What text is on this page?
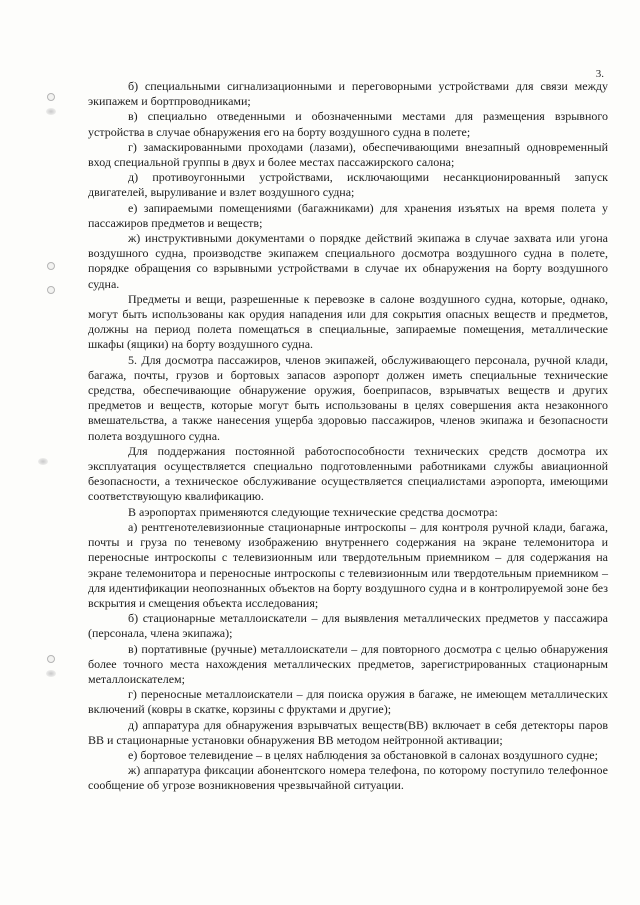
3.

б) специальными сигнализационными и переговорными устройствами для связи между экипажем и бортпроводниками;

в) специально отведенными и обозначенными местами для размещения взрывного устройства в случае обнаружения его на борту воздушного судна в полете;

г) замаскированными проходами (лазами), обеспечивающими внезапный одновременный вход специальной группы в двух и более местах пассажирского салона;

д) противоугонными устройствами, исключающими несанкционированный запуск двигателей, выруливание и взлет воздушного судна;

е) запираемыми помещениями (багажниками) для хранения изъятых на время полета у пассажиров предметов и веществ;

ж) инструктивными документами о порядке действий экипажа в случае захвата или угона воздушного судна, производстве экипажем специального досмотра воздушного судна в полете, порядке обращения со взрывными устройствами в случае их обнаружения на борту воздушного судна.

Предметы и вещи, разрешенные к перевозке в салоне воздушного судна, которые, однако, могут быть использованы как орудия нападения или для сокрытия опасных веществ и предметов, должны на период полета помещаться в специальные, запираемые помещения, металлические шкафы (ящики) на борту воздушного судна.

5. Для досмотра пассажиров, членов экипажей, обслуживающего персонала, ручной клади, багажа, почты, грузов и бортовых запасов аэропорт должен иметь специальные технические средства, обеспечивающие обнаружение оружия, боеприпасов, взрывчатых веществ и других предметов и веществ, которые могут быть использованы в целях совершения акта незаконного вмешательства, а также нанесения ущерба здоровью пассажиров, членов экипажа и безопасности полета воздушного судна.

Для поддержания постоянной работоспособности технических средств досмотра их эксплуатация осуществляется специально подготовленными работниками службы авиационной безопасности, а техническое обслуживание осуществляется специалистами аэропорта, имеющими соответствующую квалификацию.

В аэропортах применяются следующие технические средства досмотра:

а) рентгенотелевизионные стационарные интроскопы – для контроля ручной клади, багажа, почты и груза по теневому изображению внутреннего содержания на экране телемонитора и переносные интроскопы с телевизионным или твердотельным приемником – для содержания на экране телемонитора и переносные интроскопы с телевизионным или твердотельным приемником – для идентификации неопознанных объектов на борту воздушного судна и в контролируемой зоне без вскрытия и смещения объекта исследования;

б) стационарные металлоискатели – для выявления металлических предметов у пассажира (персонала, члена экипажа);

в) портативные (ручные) металлоискатели – для повторного досмотра с целью обнаружения более точного места нахождения металлических предметов, зарегистрированных стационарным металлоискателем;

г) переносные металлоискатели – для поиска оружия в багаже, не имеющем металлических включений (ковры в скатке, корзины с фруктами и другие);

д) аппаратура для обнаружения взрывчатых веществ(ВВ) включает в себя детекторы паров ВВ и стационарные установки обнаружения ВВ методом нейтронной активации;

е) бортовое телевидение – в целях наблюдения за обстановкой в салонах воздушного судне;

ж) аппаратура фиксации абонентского номера телефона, по которому поступило телефонное сообщение об угрозе возникновения чрезвычайной ситуации.
